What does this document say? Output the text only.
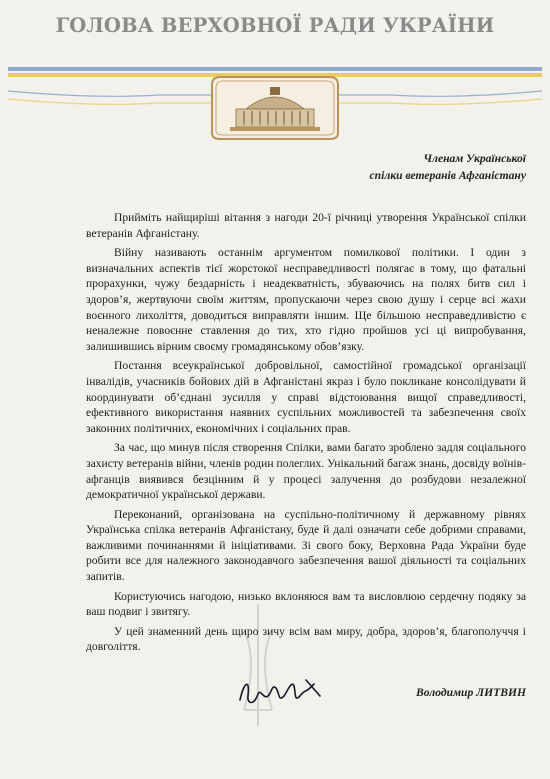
ГОЛОВА ВЕРХОВНОЇ РАДИ УКРАЇНИ
Членам Української
спілки ветеранів Афганістану

Прийміть найщиріші вітання з нагоди 20-ї річниці утворення Української спілки ветеранів Афганістану.

Війну називають останнім аргументом помилкової політики. І один з визначальних аспектів тієї жорстокої несправедливості полягає в тому, що фатальні прорахунки, чужу бездарність і неадекватність, збуваючись на полях битв сил і здоров’я, жертвуючи своїм життям, пропускаючи через свою душу і серце всі жахи воєнного лихоліття, доводиться виправляти іншим. Ще більшою несправедливістю є неналежне повоєнне ставлення до тих, хто гідно пройшов усі ці випробування, залишившись вірним своєму громадянському обов’язку.

Постання всеукраїнської добровільної, самостійної громадської організації інвалідів, учасників бойових дій в Афганістані якраз і було покликане консолідувати й координувати об’єднані зусилля у справі відстоювання вищої справедливості, ефективного використання наявних суспільних можливостей та забезпечення своїх законних політичних, економічних і соціальних прав.

За час, що минув після створення Спілки, вами багато зроблено задля соціального захисту ветеранів війни, членів родин полеглих. Унікальний багаж знань, досвіду воїнів-афганців виявився безцінним й у процесі залучення до розбудови незалежної демократичної української держави.

Переконаний, організована на суспільно-політичному й державному рівнях Українська спілка ветеранів Афганістану, буде й далі означати себе добрими справами, важливими починаннями й ініціативами. Зі свого боку, Верховна Рада України буде робити все для належного законодавчого забезпечення вашої діяльності та соціальних запитів.

Користуючись нагодою, низько вклоняюся вам та висловлюю сердечну подяку за ваш подвиг і звитягу.

У цей знаменний день щиро зичу всім вам миру, добра, здоров’я, благополуччя і довголіття.

Володимир ЛИТВИН
